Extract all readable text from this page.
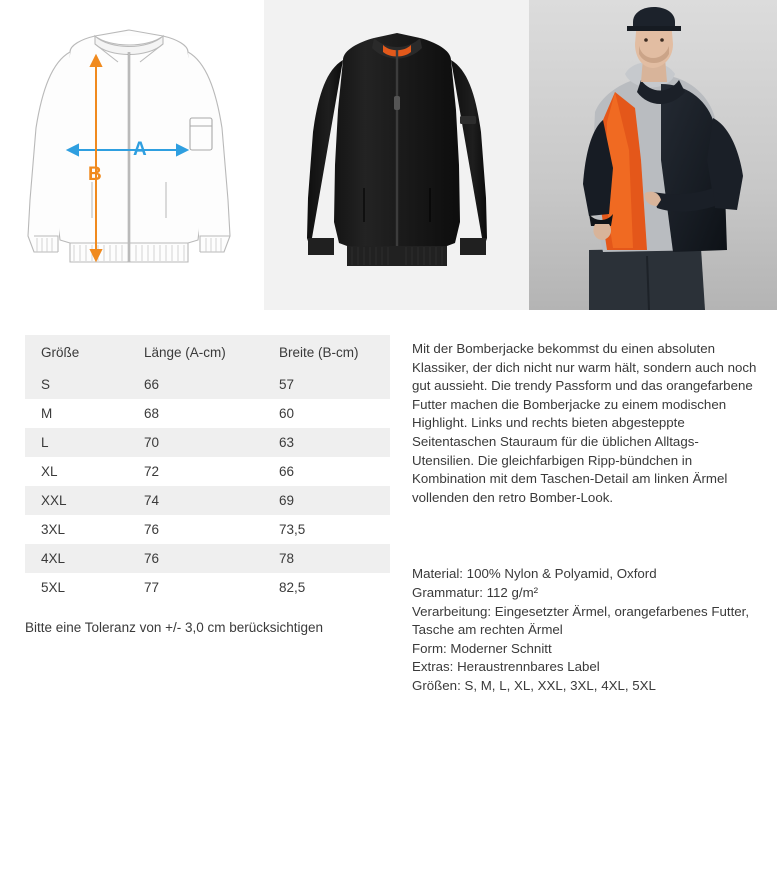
A
B
Größe	Länge (A-cm)	Breite (B-cm)
S	66	57
M	68	60
L	70	63
XL	72	66
XXL	74	69
3XL	76	73,5
4XL	76	78
5XL	77	82,5
Bitte eine Toleranz von +/- 3,0 cm berücksichtigen

Mit der Bomberjacke bekommst du einen absoluten Klassiker, der dich nicht nur warm hält, sondern auch noch gut aussieht. Die trendy Passform und das orangefarbene Futter machen die Bomberjacke zu einem modischen Highlight. Links und rechts bieten abgesteppte Seitentaschen Stauraum für die üblichen Alltags-Utensilien. Die gleichfarbigen Ripp-bündchen in Kombination mit dem Taschen-Detail am linken Ärmel vollenden den retro Bomber-Look.

Material: 100% Nylon & Polyamid, Oxford
Grammatur: 112 g/m²
Verarbeitung: Eingesetzter Ärmel, orangefarbenes Futter, Tasche am rechten Ärmel
Form: Moderner Schnitt
Extras: Heraustrennbares Label
Größen: S, M, L, XL, XXL, 3XL, 4XL, 5XL
